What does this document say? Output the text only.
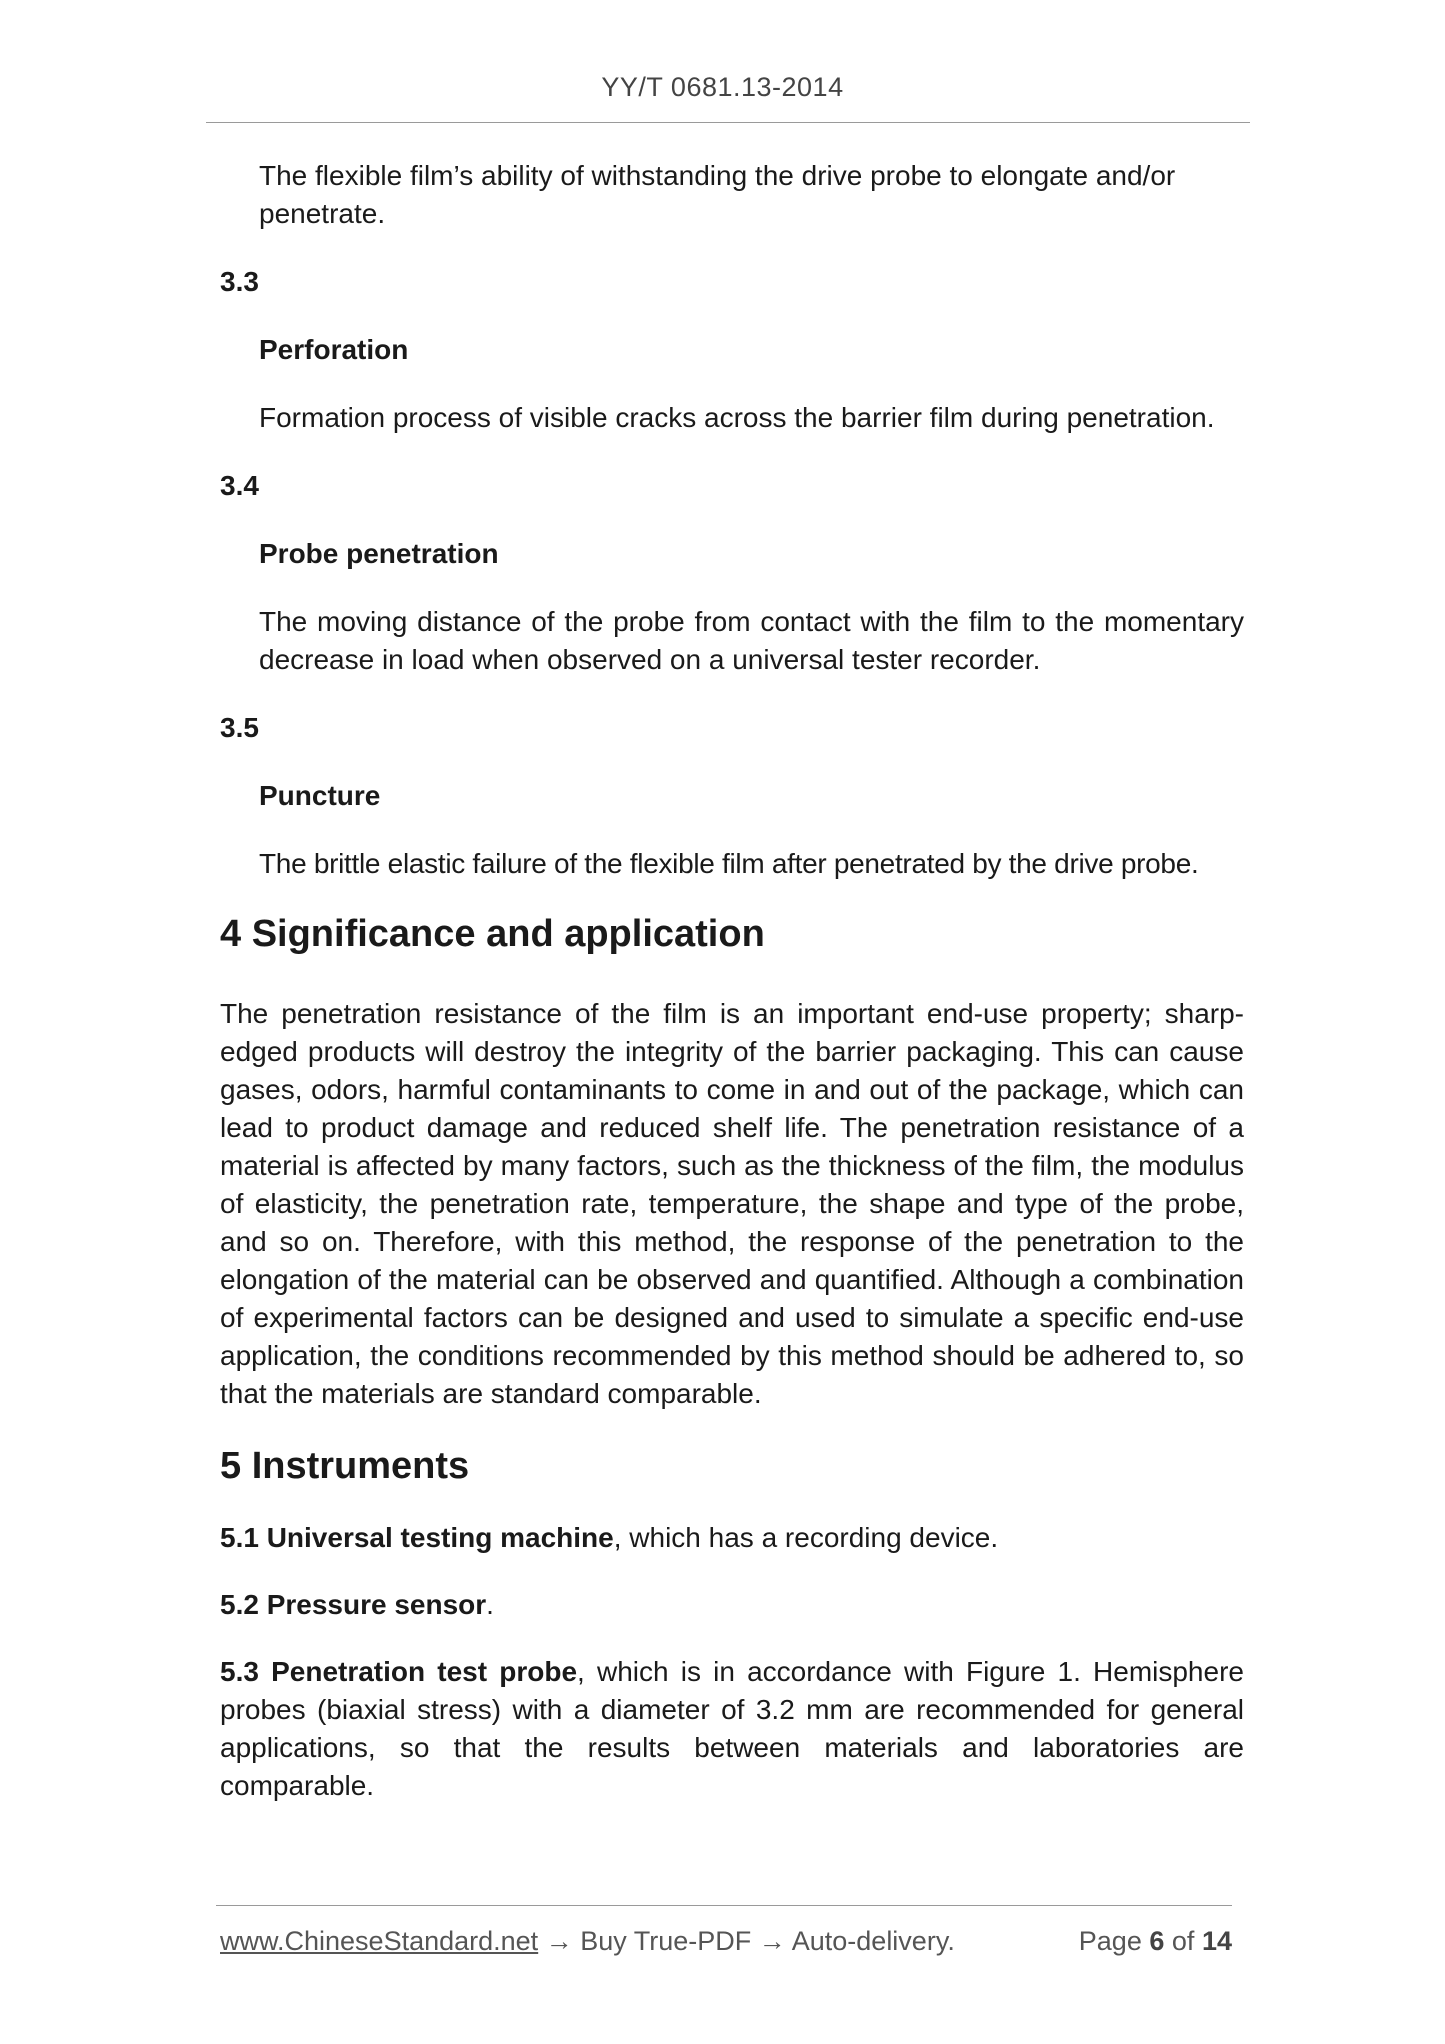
YY/T 0681.13-2014

The flexible film’s ability of withstanding the drive probe to elongate and/or penetrate.

3.3

Perforation

Formation process of visible cracks across the barrier film during penetration.

3.4

Probe penetration

The moving distance of the probe from contact with the film to the momentary decrease in load when observed on a universal tester recorder.

3.5

Puncture

The brittle elastic failure of the flexible film after penetrated by the drive probe.

4 Significance and application

The penetration resistance of the film is an important end-use property; sharp-edged products will destroy the integrity of the barrier packaging. This can cause gases, odors, harmful contaminants to come in and out of the package, which can lead to product damage and reduced shelf life. The penetration resistance of a material is affected by many factors, such as the thickness of the film, the modulus of elasticity, the penetration rate, temperature, the shape and type of the probe, and so on. Therefore, with this method, the response of the penetration to the elongation of the material can be observed and quantified. Although a combination of experimental factors can be designed and used to simulate a specific end-use application, the conditions recommended by this method should be adhered to, so that the materials are standard comparable.

5 Instruments

5.1 Universal testing machine, which has a recording device.

5.2 Pressure sensor.

5.3 Penetration test probe, which is in accordance with Figure 1. Hemisphere probes (biaxial stress) with a diameter of 3.2 mm are recommended for general applications, so that the results between materials and laboratories are comparable.

www.ChineseStandard.net → Buy True-PDF → Auto-delivery.	Page 6 of 14
